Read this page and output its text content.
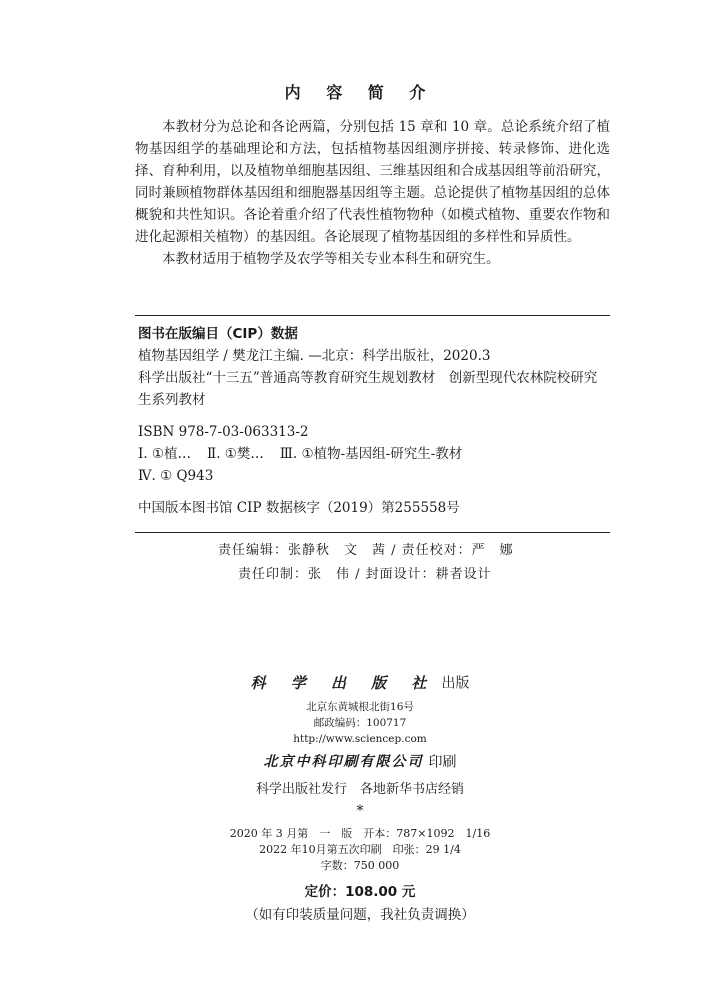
内 容 简 介

本教材分为总论和各论两篇，分别包括 15 章和 10 章。总论系统介绍了植物基因组学的基础理论和方法，包括植物基因组测序拼接、转录修饰、进化选择、育种利用，以及植物单细胞基因组、三维基因组和合成基因组等前沿研究，同时兼顾植物群体基因组和细胞器基因组等主题。总论提供了植物基因组的总体概貌和共性知识。各论着重介绍了代表性植物物种（如模式植物、重要农作物和进化起源相关植物）的基因组。各论展现了植物基因组的多样性和异质性。

本教材适用于植物学及农学等相关专业本科生和研究生。

图书在版编目（CIP）数据
植物基因组学 / 樊龙江主编. —北京：科学出版社，2020.3
科学出版社“十三五”普通高等教育研究生规划教材　创新型现代农林院校研究生系列教材
ISBN 978-7-03-063313-2
Ⅰ. ①植… Ⅱ. ①樊… Ⅲ. ①植物-基因组-研究生-教材
Ⅳ. ① Q943
中国版本图书馆 CIP 数据核字（2019）第255558号
责任编辑：张静秋　文　茜 / 责任校对：严　娜
责任印制：张　伟 / 封面设计：耕者设计
科 学 出 版 社 出版
北京东黄城根北街16号
邮政编码：100717
http://www.sciencep.com
北京中科印刷有限公司 印刷
科学出版社发行　各地新华书店经销
*
2020 年 3 月第　一　版　开本：787×1092　1/16
2022 年10月第五次印刷　印张：29 1/4
字数：750 000
定价：108.00 元
（如有印装质量问题，我社负责调换）
